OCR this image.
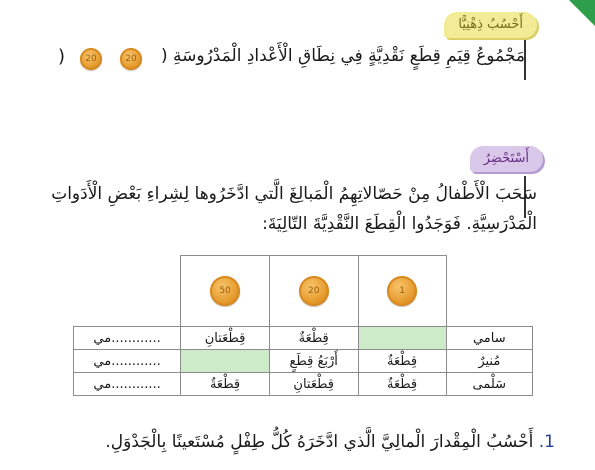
أَحْسُبُ ذِهْنِيًّا
مَجْمُوعُ قِيَمِ قِطَعٍ نَقْدِيَّةٍ فِي نِطَاقِ الْأَعْدادِ الْمَدْرُوسَةِ (
20
20
)
أَسْتَحْضِرُ
سَحَبَ الْأَطْفالُ مِنْ حَصّالاتِهِمُ الْمَبالِغَ الَّتي ادَّخَرُوها لِشِراءِ بَعْضِ الْأَدَواتِ
الْمَدْرَسِيَّةِ. فَوَجَدُوا الْقِطَعَ النَّقْدِيَّةَ التّالِيَةَ:

	1	20	50	

سامي		قِطْعَةٌ	قِطْعَتانِ	............مي
مُنيرٌ	قِطْعَةٌ	أَرْبَعُ قِطَعٍ		............مي
سَلْمى	قِطْعَةٌ	قِطْعَتانِ	قِطْعَةٌ	............مي
1. أَحْسُبُ الْمِقْدارَ الْمالِيَّ الَّذي ادَّخَرَهُ كُلُّ طِفْلٍ مُسْتَعينًا بِالْجَدْوَلِ.
